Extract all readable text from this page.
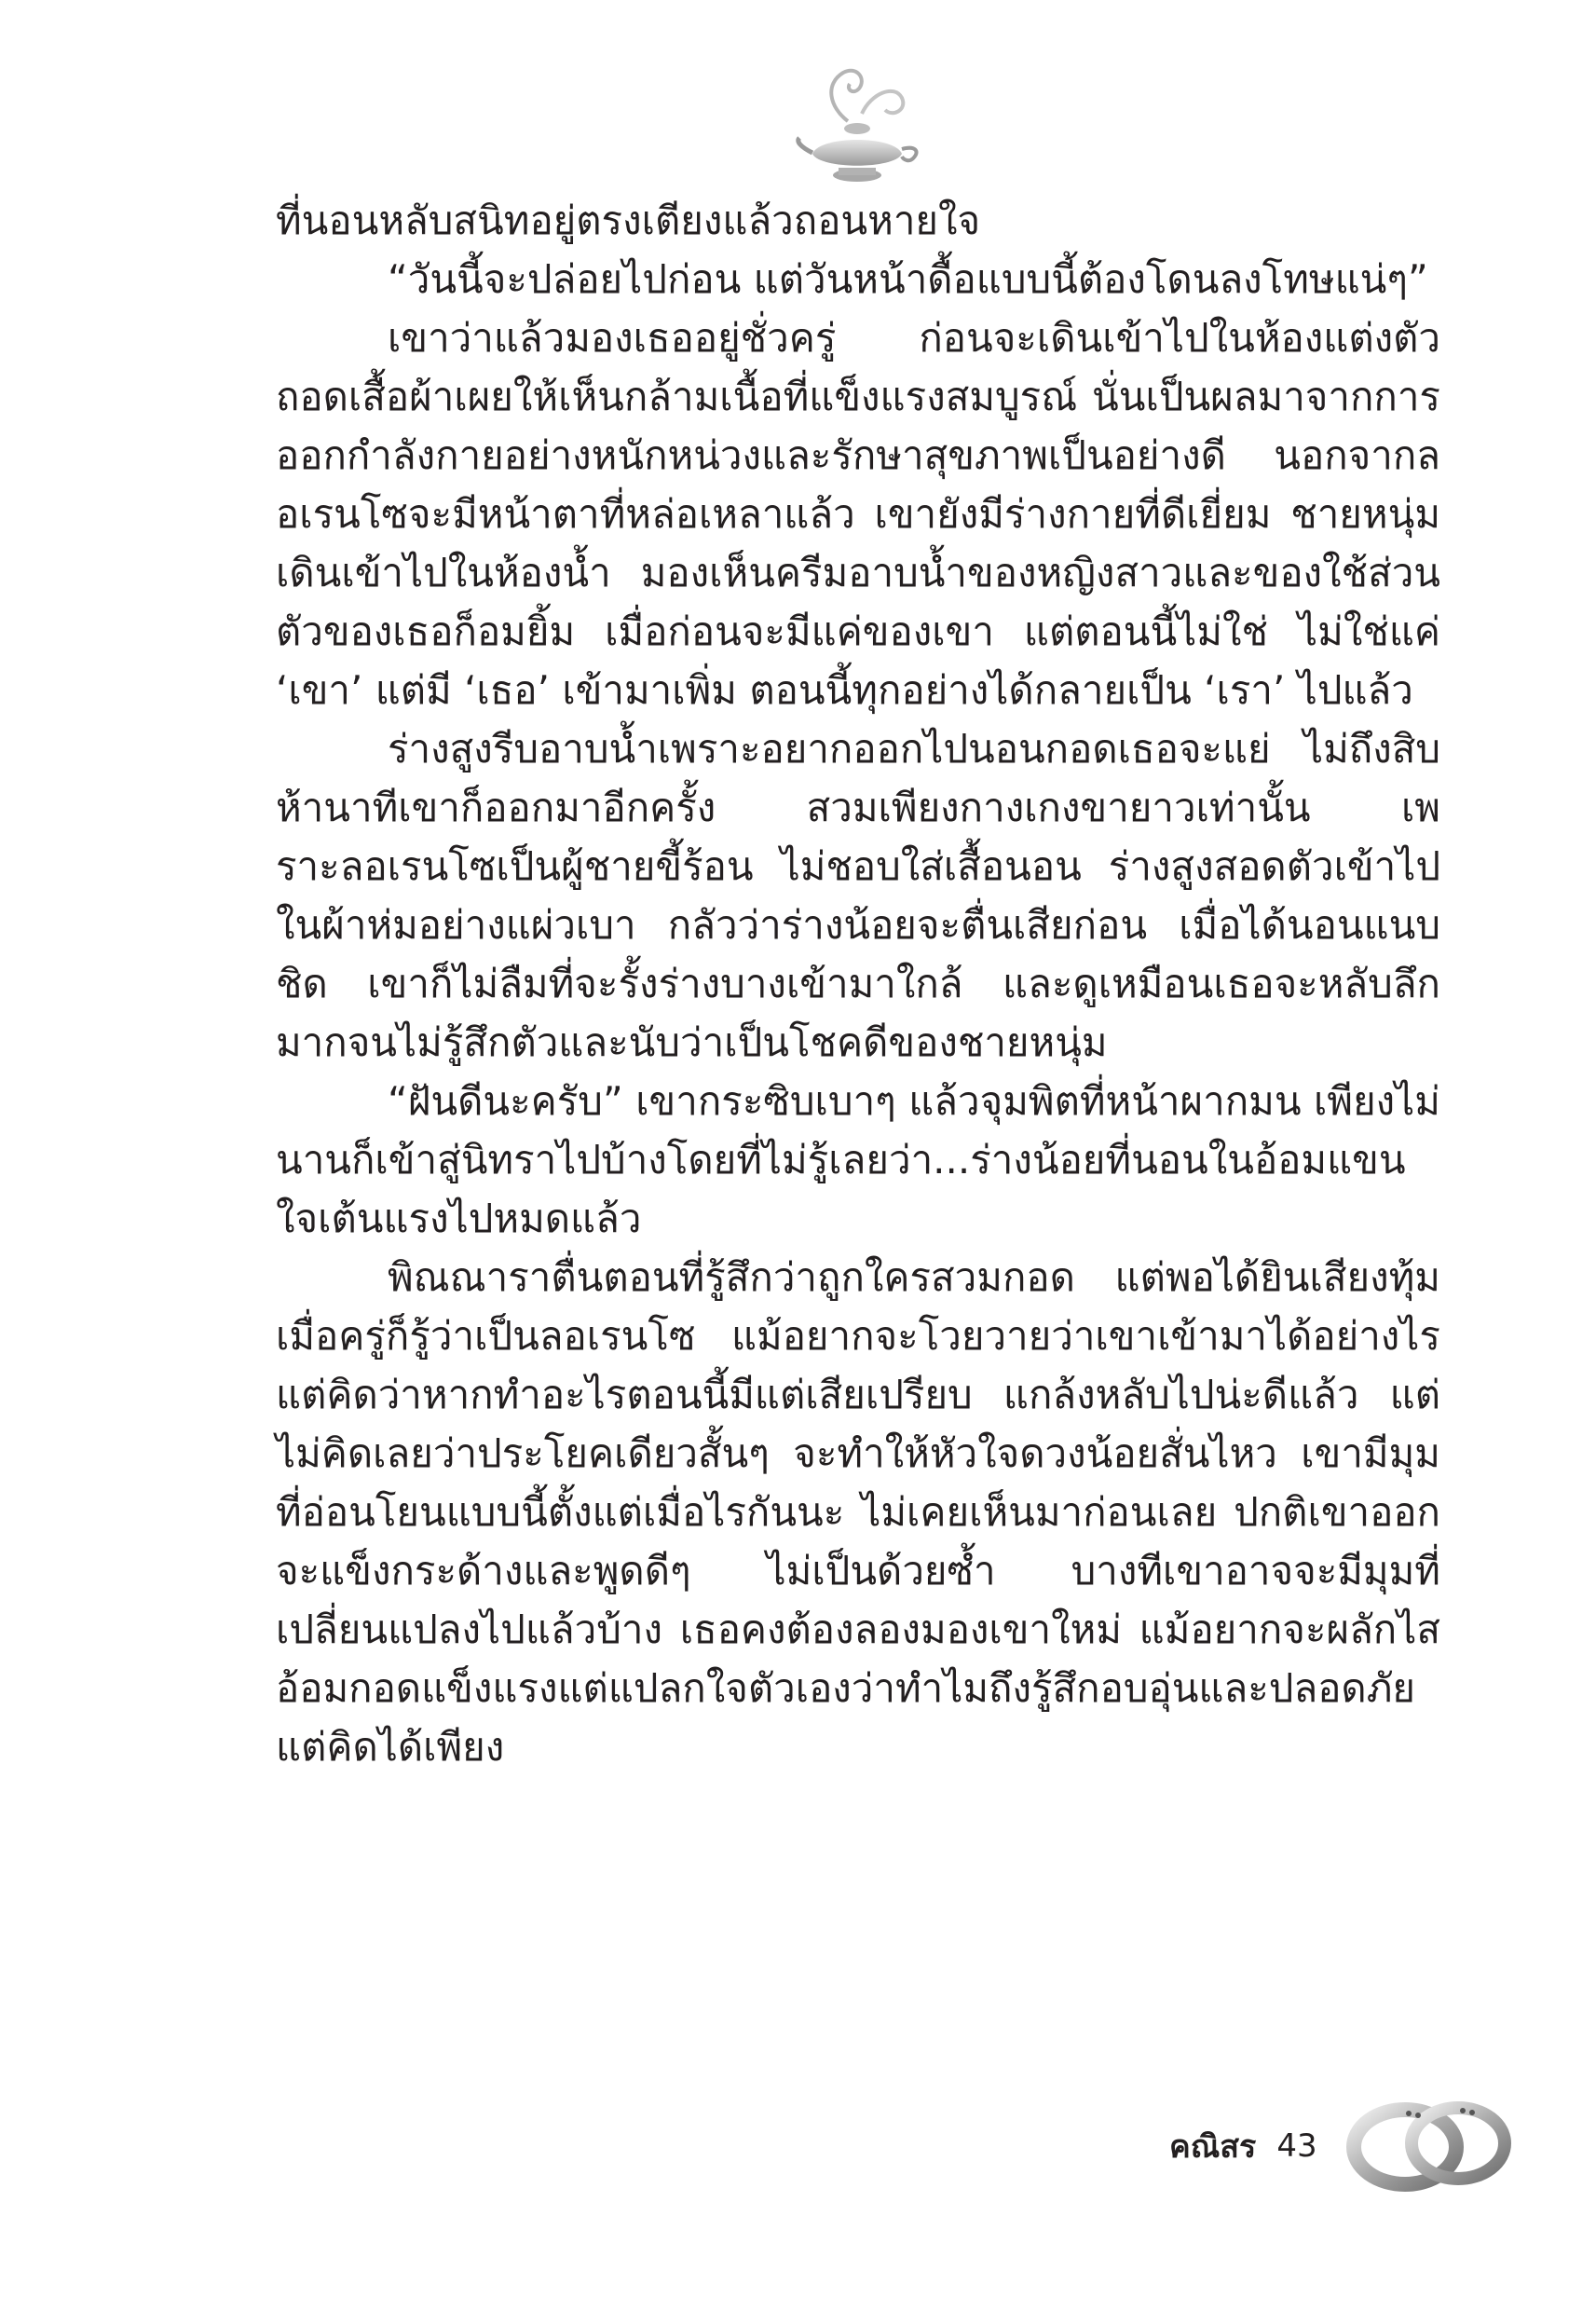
ที่นอนหลับสนิทอยู่ตรงเตียงแล้วถอนหายใจ

“วันนี้จะปล่อยไปก่อน แต่วันหน้าดื้อแบบนี้ต้องโดนลงโทษแน่ๆ”

เขาว่าแล้วมองเธออยู่ชั่วครู่ ก่อนจะเดินเข้าไปในห้องแต่งตัว ถอดเสื้อผ้าเผยให้เห็นกล้ามเนื้อที่แข็งแรงสมบูรณ์ นั่นเป็นผลมาจากการออกกำลังกายอย่างหนักหน่วงและรักษาสุขภาพเป็นอย่างดี นอกจากลอเรนโซจะมีหน้าตาที่หล่อเหลาแล้ว เขายังมีร่างกายที่ดีเยี่ยม ชายหนุ่มเดินเข้าไปในห้องน้ำ มองเห็นครีมอาบน้ำของหญิงสาวและของใช้ส่วนตัวของเธอก็อมยิ้ม เมื่อก่อนจะมีแค่ของเขา แต่ตอนนี้ไม่ใช่ ไม่ใช่แค่ ‘เขา’ แต่มี ‘เธอ’ เข้ามาเพิ่ม ตอนนี้ทุกอย่างได้กลายเป็น ‘เรา’ ไปแล้ว

ร่างสูงรีบอาบน้ำเพราะอยากออกไปนอนกอดเธอจะแย่ ไม่ถึงสิบห้านาทีเขาก็ออกมาอีกครั้ง สวมเพียงกางเกงขายาวเท่านั้น เพราะลอเรนโซเป็นผู้ชายขี้ร้อน ไม่ชอบใส่เสื้อนอน ร่างสูงสอดตัวเข้าไปในผ้าห่มอย่างแผ่วเบา กลัวว่าร่างน้อยจะตื่นเสียก่อน เมื่อได้นอนแนบชิด เขาก็ไม่ลืมที่จะรั้งร่างบางเข้ามาใกล้ และดูเหมือนเธอจะหลับลึกมากจนไม่รู้สึกตัวและนับว่าเป็นโชคดีของชายหนุ่ม

“ฝันดีนะครับ” เขากระซิบเบาๆ แล้วจุมพิตที่หน้าผากมน เพียงไม่นานก็เข้าสู่นิทราไปบ้างโดยที่ไม่รู้เลยว่า...ร่างน้อยที่นอนในอ้อมแขนใจเต้นแรงไปหมดแล้ว

พิณณาราตื่นตอนที่รู้สึกว่าถูกใครสวมกอด แต่พอได้ยินเสียงทุ้มเมื่อครู่ก็รู้ว่าเป็นลอเรนโซ แม้อยากจะโวยวายว่าเขาเข้ามาได้อย่างไร แต่คิดว่าหากทำอะไรตอนนี้มีแต่เสียเปรียบ แกล้งหลับไปน่ะดีแล้ว แต่ไม่คิดเลยว่าประโยคเดียวสั้นๆ จะทำให้หัวใจดวงน้อยสั่นไหว เขามีมุมที่อ่อนโยนแบบนี้ตั้งแต่เมื่อไรกันนะ ไม่เคยเห็นมาก่อนเลย ปกติเขาออกจะแข็งกระด้างและพูดดีๆ ไม่เป็นด้วยซ้ำ บางทีเขาอาจจะมีมุมที่เปลี่ยนแปลงไปแล้วบ้าง เธอคงต้องลองมองเขาใหม่ แม้อยากจะผลักไสอ้อมกอดแข็งแรงแต่แปลกใจตัวเองว่าทำไมถึงรู้สึกอบอุ่นและปลอดภัย แต่คิดได้เพียง

คณิสร 43
